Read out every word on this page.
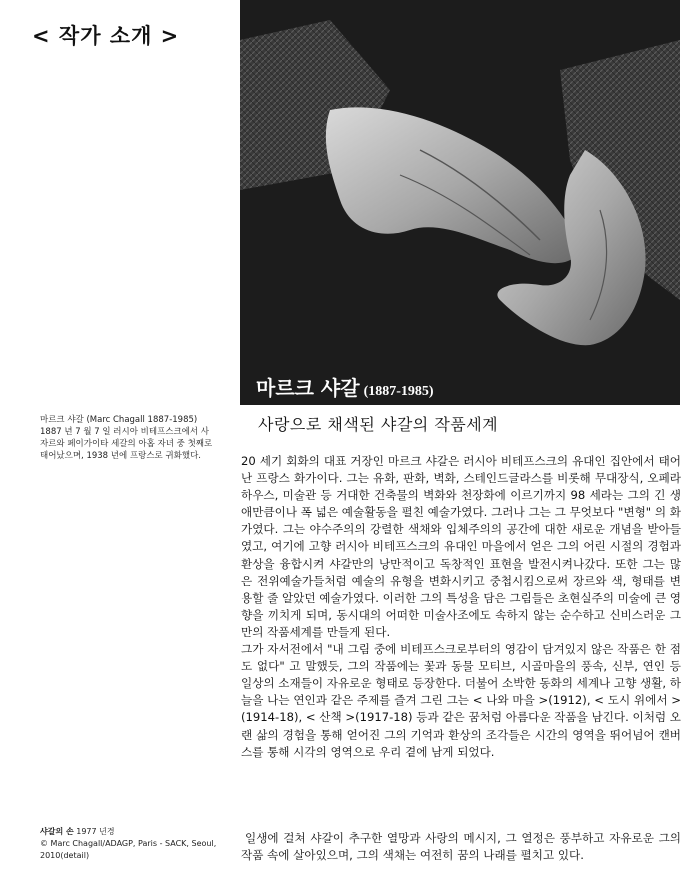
< 작가 소개 >
마르크 샤갈 (1887-1985)

마르크 샤갈 (Marc Chagall 1887-1985)

1887 년 7 월 7 일 러시아 비테프스크에서 사자르와 페이가이타 세갈의 아홉 자녀 중 첫째로 태어났으며, 1938 년에 프랑스로 귀화했다.

사랑으로 채색된 샤갈의 작품세계

20 세기 회화의 대표 거장인 마르크 샤갈은 러시아 비테프스크의 유대인 집안에서 태어난 프랑스 화가이다. 그는 유화, 판화, 벽화, 스테인드글라스를 비롯해 무대장식, 오페라하우스, 미술관 등 거대한 건축물의 벽화와 천장화에 이르기까지 98 세라는 그의 긴 생애만큼이나 폭 넓은 예술활동을 펼친 예술가였다. 그러나 그는 그 무엇보다 "변형" 의 화가였다. 그는 야수주의의 강렬한 색채와 입체주의의 공간에 대한 새로운 개념을 받아들였고, 여기에 고향 러시아 비테프스크의 유대인 마을에서 얻은 그의 어린 시절의 경험과 환상을 융합시켜 샤갈만의 낭만적이고 독창적인 표현을 발전시켜나갔다. 또한 그는 많은 전위예술가들처럼 예술의 유형을 변화시키고 중첩시킴으로써 장르와 색, 형태를 변용할 줄 알았던 예술가였다. 이러한 그의 특성을 담은 그림들은 초현실주의 미술에 큰 영향을 끼치게 되며, 동시대의 어떠한 미술사조에도 속하지 않는 순수하고 신비스러운 그만의 작품세계를 만들게 된다.

그가 자서전에서 "내 그림 중에 비테프스크로부터의 영감이 담겨있지 않은 작품은 한 점도 없다" 고 말했듯, 그의 작품에는 꽃과 동물 모티브, 시골마을의 풍속, 신부, 연인 등 일상의 소재들이 자유로운 형태로 등장한다. 더불어 소박한 동화의 세계나 고향 생활, 하늘을 나는 연인과 같은 주제를 즐겨 그린 그는 < 나와 마을 >(1912), < 도시 위에서 >(1914-18), < 산책 >(1917-18) 등과 같은 꿈처럼 아름다운 작품을 남긴다. 이처럼 오랜 삶의 경험을 통해 얻어진 그의 기억과 환상의 조각들은 시간의 영역을 뛰어넘어 캔버스를 통해 시각의 영역으로 우리 곁에 남게 되었다.

샤갈의 손 1977 년경

© Marc Chagall/ADAGP, Paris - SACK, Seoul,

2010(detail)

일생에 걸쳐 샤갈이 추구한 열망과 사랑의 메시지, 그 열정은 풍부하고 자유로운 그의 작품 속에 살아있으며, 그의 색채는 여전히 꿈의 나래를 펼치고 있다.
